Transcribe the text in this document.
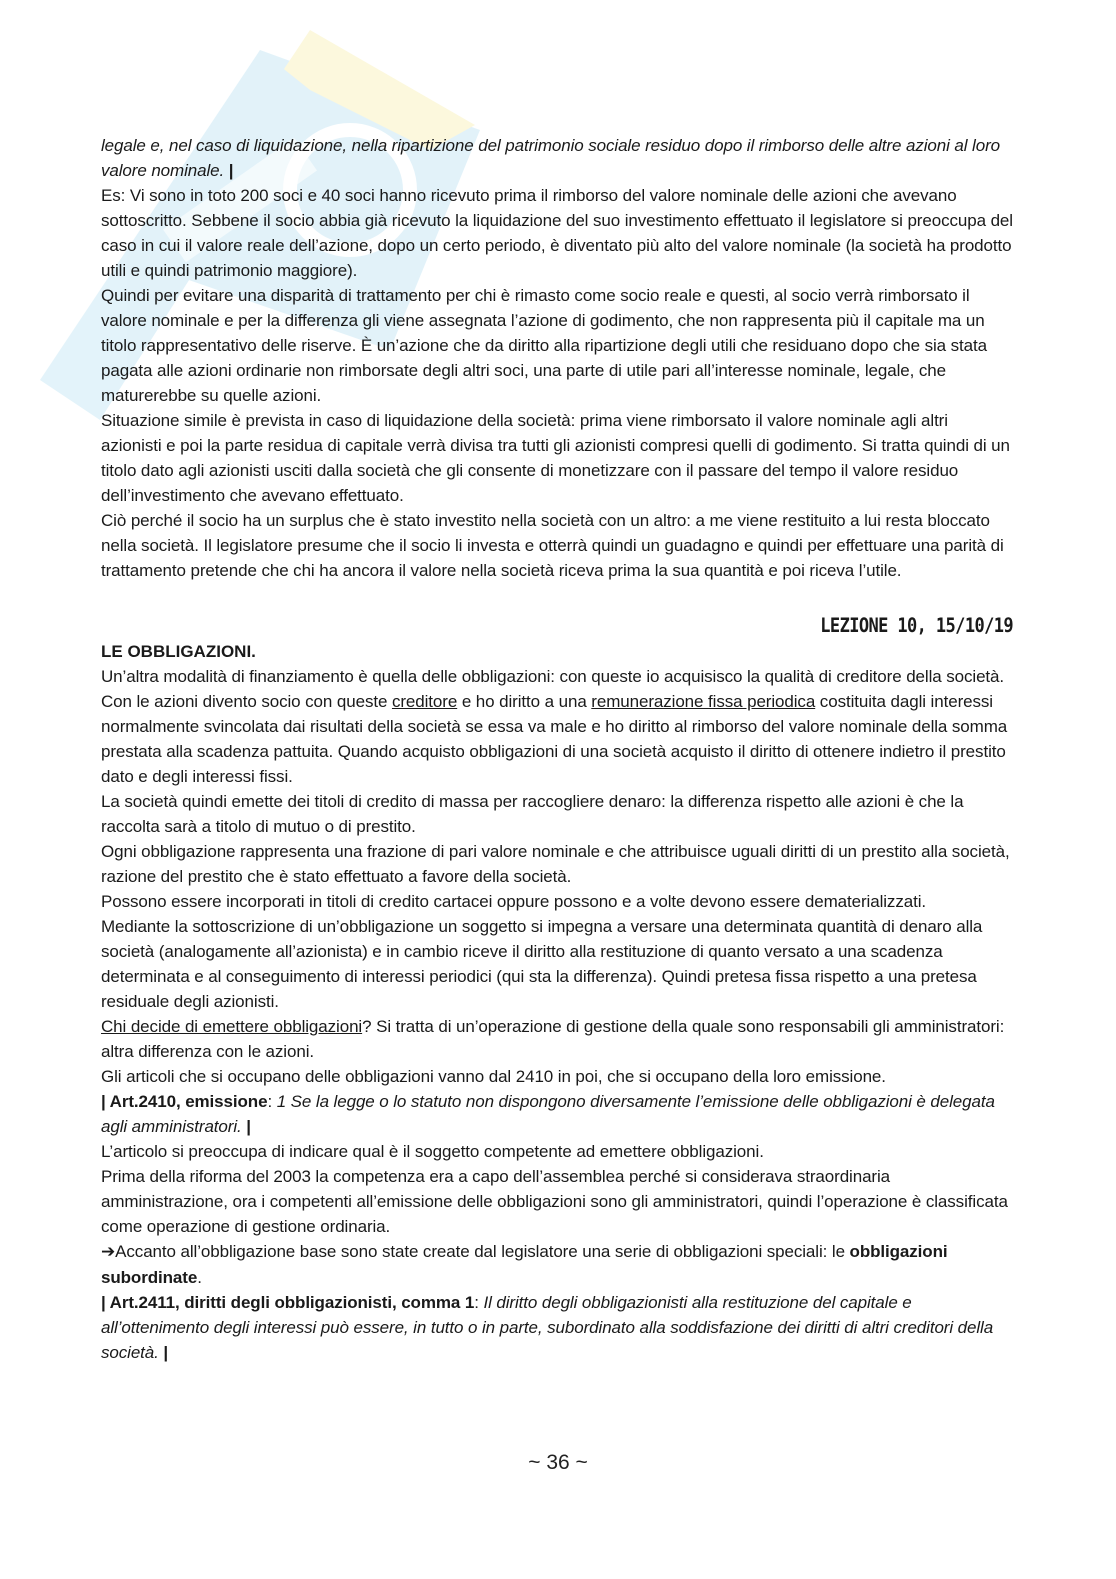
legale e, nel caso di liquidazione, nella ripartizione del patrimonio sociale residuo dopo il rimborso delle altre azioni al loro valore nominale. |

Es: Vi sono in toto 200 soci e 40 soci hanno ricevuto prima il rimborso del valore nominale delle azioni che avevano sottoscritto. Sebbene il socio abbia già ricevuto la liquidazione del suo investimento effettuato il legislatore si preoccupa del caso in cui il valore reale dell’azione, dopo un certo periodo, è diventato più alto del valore nominale (la società ha prodotto utili e quindi patrimonio maggiore).

Quindi per evitare una disparità di trattamento per chi è rimasto come socio reale e questi, al socio verrà rimborsato il valore nominale e per la differenza gli viene assegnata l’azione di godimento, che non rappresenta più il capitale ma un titolo rappresentativo delle riserve. È un’azione che da diritto alla ripartizione degli utili che residuano dopo che sia stata pagata alle azioni ordinarie non rimborsate degli altri soci, una parte di utile pari all’interesse nominale, legale, che maturerebbe su quelle azioni.

Situazione simile è prevista in caso di liquidazione della società: prima viene rimborsato il valore nominale agli altri azionisti e poi la parte residua di capitale verrà divisa tra tutti gli azionisti compresi quelli di godimento. Si tratta quindi di un titolo dato agli azionisti usciti dalla società che gli consente di monetizzare con il passare del tempo il valore residuo dell’investimento che avevano effettuato.

Ciò perché il socio ha un surplus che è stato investito nella società con un altro: a me viene restituito a lui resta bloccato nella società. Il legislatore presume che il socio li investa e otterrà quindi un guadagno e quindi per effettuare una parità di trattamento pretende che chi ha ancora il valore nella società riceva prima la sua quantità e poi riceva l’utile.

LEZIONE 10, 15/10/19

LE OBBLIGAZIONI.

Un’altra modalità di finanziamento è quella delle obbligazioni: con queste io acquisisco la qualità di creditore della società. Con le azioni divento socio con queste creditore e ho diritto a una remunerazione fissa periodica costituita dagli interessi normalmente svincolata dai risultati della società se essa va male e ho diritto al rimborso del valore nominale della somma prestata alla scadenza pattuita. Quando acquisto obbligazioni di una società acquisto il diritto di ottenere indietro il prestito dato e degli interessi fissi.

La società quindi emette dei titoli di credito di massa per raccogliere denaro: la differenza rispetto alle azioni è che la raccolta sarà a titolo di mutuo o di prestito.

Ogni obbligazione rappresenta una frazione di pari valore nominale e che attribuisce uguali diritti di un prestito alla società, razione del prestito che è stato effettuato a favore della società.

Possono essere incorporati in titoli di credito cartacei oppure possono e a volte devono essere dematerializzati.

Mediante la sottoscrizione di un’obbligazione un soggetto si impegna a versare una determinata quantità di denaro alla società (analogamente all’azionista) e in cambio riceve il diritto alla restituzione di quanto versato a una scadenza determinata e al conseguimento di interessi periodici (qui sta la differenza). Quindi pretesa fissa rispetto a una pretesa residuale degli azionisti.

Chi decide di emettere obbligazioni? Si tratta di un’operazione di gestione della quale sono responsabili gli amministratori: altra differenza con le azioni.

Gli articoli che si occupano delle obbligazioni vanno dal 2410 in poi, che si occupano della loro emissione.

| Art.2410, emissione: 1 Se la legge o lo statuto non dispongono diversamente l’emissione delle obbligazioni è delegata agli amministratori. |

L’articolo si preoccupa di indicare qual è il soggetto competente ad emettere obbligazioni.

Prima della riforma del 2003 la competenza era a capo dell’assemblea perché si considerava straordinaria amministrazione, ora i competenti all’emissione delle obbligazioni sono gli amministratori, quindi l’operazione è classificata come operazione di gestione ordinaria.

➔Accanto all’obbligazione base sono state create dal legislatore una serie di obbligazioni speciali: le obbligazioni subordinate.

| Art.2411, diritti degli obbligazionisti, comma 1: Il diritto degli obbligazionisti alla restituzione del capitale e all’ottenimento degli interessi può essere, in tutto o in parte, subordinato alla soddisfazione dei diritti di altri creditori della società. |

~ 36 ~
